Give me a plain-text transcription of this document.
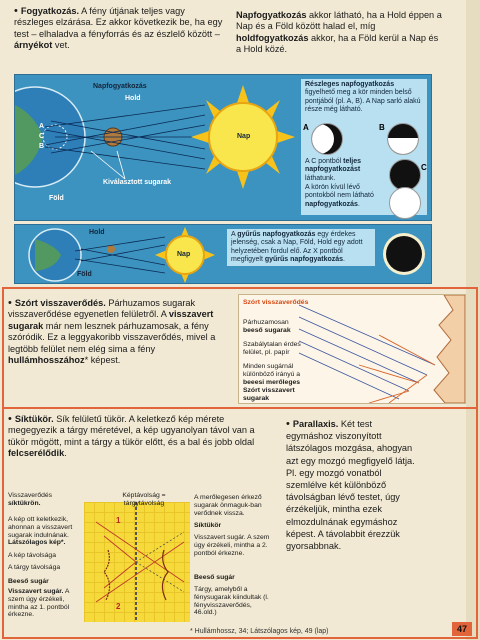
• Fogyatkozás. A fény útjának teljes vagy részleges elzárása. Ez akkor következik be, ha egy test – elhaladva a fényforrás és az észlelő között – árnyékot vet.
Napfogyatkozás akkor látható, ha a Hold éppen a Nap és a Föld között halad el, míg holdfogyatkozás akkor, ha a Föld kerül a Nap és a Hold közé.
Napfogyatkozás
Hold
Nap
Föld
Kiválasztott sugarak
A
C
B
Részleges napfogyatkozás figyelhető meg a kör minden belső pontjából (pl. A, B). A Nap sarló alakú része még látható.
A	B
A C pontból teljes napfogyatkozást láthatunk.
C
A körön kívül lévő pontokból nem látható napfogyatkozás.
Hold
Nap
Föld
A gyűrűs napfogyatkozás egy érdekes jelenség, csak a Nap, Föld, Hold egy adott helyzetében fordul elő. Az X pontból megfigyelt gyűrűs napfogyatkozás.
• Szórt visszaverődés. Párhuzamos sugarak visszaverődése egyenetlen felületről. A visszavert sugarak már nem lesznek párhuzamosak, a fény szóródik. Ez a leggyakoribb visszaverődés, mivel a legtöbb felület nem elég sima a fény hullámhosszához* képest.
Szórt visszaverődés
Párhuzamosan beeső sugarak
Szabálytalan érdes felület, pl. papír
Minden sugárnál különböző irányú a beeesi merőleges
Szórt visszavert sugarak
• Síktükör. Sík felületű tükör. A keletkező kép mérete megegyezik a tárgy méretével, a kép ugyanolyan távol van a tükör mögött, mint a tárgy a tükör előtt, és a bal és jobb oldal felcserélődik.
• Parallaxis. Két test egymáshoz viszonyított látszólagos mozgása, ahogyan azt egy mozgó megfigyelő látja. Pl. egy mozgó vonatból szemlélve két különböző távolságban lévő testet, úgy érzékeljük, mintha ezek elmozdulnának egymáshoz képest. A távolabbit érezzük gyorsabbnak.
1
2
Visszaverődés síktükrön.
A kép ott keletkezik, ahonnan a visszavert sugarak indulnának. Látszólagos kép*.
A kép távolsága
A tárgy távolsága
Beeső sugár
Visszavert sugár. A szem úgy érzékeli, mintha az 1. pontból érkezne.
Képtávolság = tárgytávolság
A merőlegesen érkező sugarak önmaguk-ban verődnek vissza.
Síktükör
Visszavert sugár. A szem úgy érzékeli, mintha a 2. pontból érkezne.
Beeső sugár
Tárgy, amelyből a fénysugarak kiindultak (l. fényvisszaverődés, 46.old.)
* Hullámhossz, 34; Látszólagos kép, 49 (lap)	47
